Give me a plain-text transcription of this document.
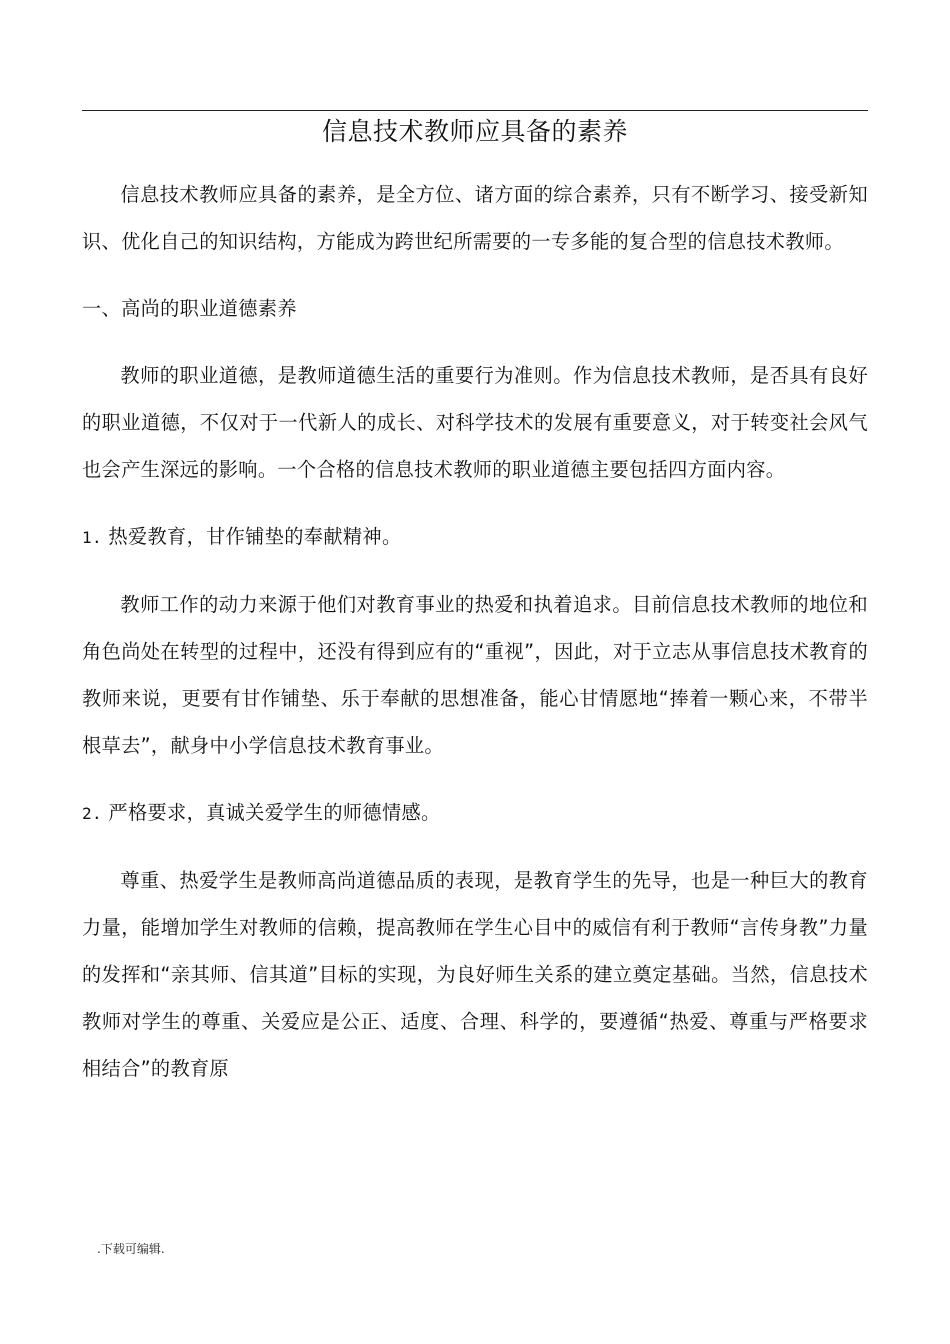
信息技术教师应具备的素养

信息技术教师应具备的素养，是全方位、诸方面的综合素养，只有不断学习、接受新知识、优化自己的知识结构，方能成为跨世纪所需要的一专多能的复合型的信息技术教师。

一、高尚的职业道德素养

教师的职业道德，是教师道德生活的重要行为准则。作为信息技术教师，是否具有良好的职业道德，不仅对于一代新人的成长、对科学技术的发展有重要意义，对于转变社会风气也会产生深远的影响。一个合格的信息技术教师的职业道德主要包括四方面内容。

1. 热爱教育，甘作铺垫的奉献精神。

教师工作的动力来源于他们对教育事业的热爱和执着追求。目前信息技术教师的地位和角色尚处在转型的过程中，还没有得到应有的“重视”，因此，对于立志从事信息技术教育的教师来说，更要有甘作铺垫、乐于奉献的思想准备，能心甘情愿地“捧着一颗心来，不带半根草去”，献身中小学信息技术教育事业。

2. 严格要求，真诚关爱学生的师德情感。

尊重、热爱学生是教师高尚道德品质的表现，是教育学生的先导，也是一种巨大的教育力量，能增加学生对教师的信赖，提高教师在学生心目中的威信有利于教师“言传身教”力量的发挥和“亲其师、信其道”目标的实现，为良好师生关系的建立奠定基础。当然，信息技术教师对学生的尊重、关爱应是公正、适度、合理、科学的，要遵循“热爱、尊重与严格要求相结合”的教育原

.下载可编辑.
